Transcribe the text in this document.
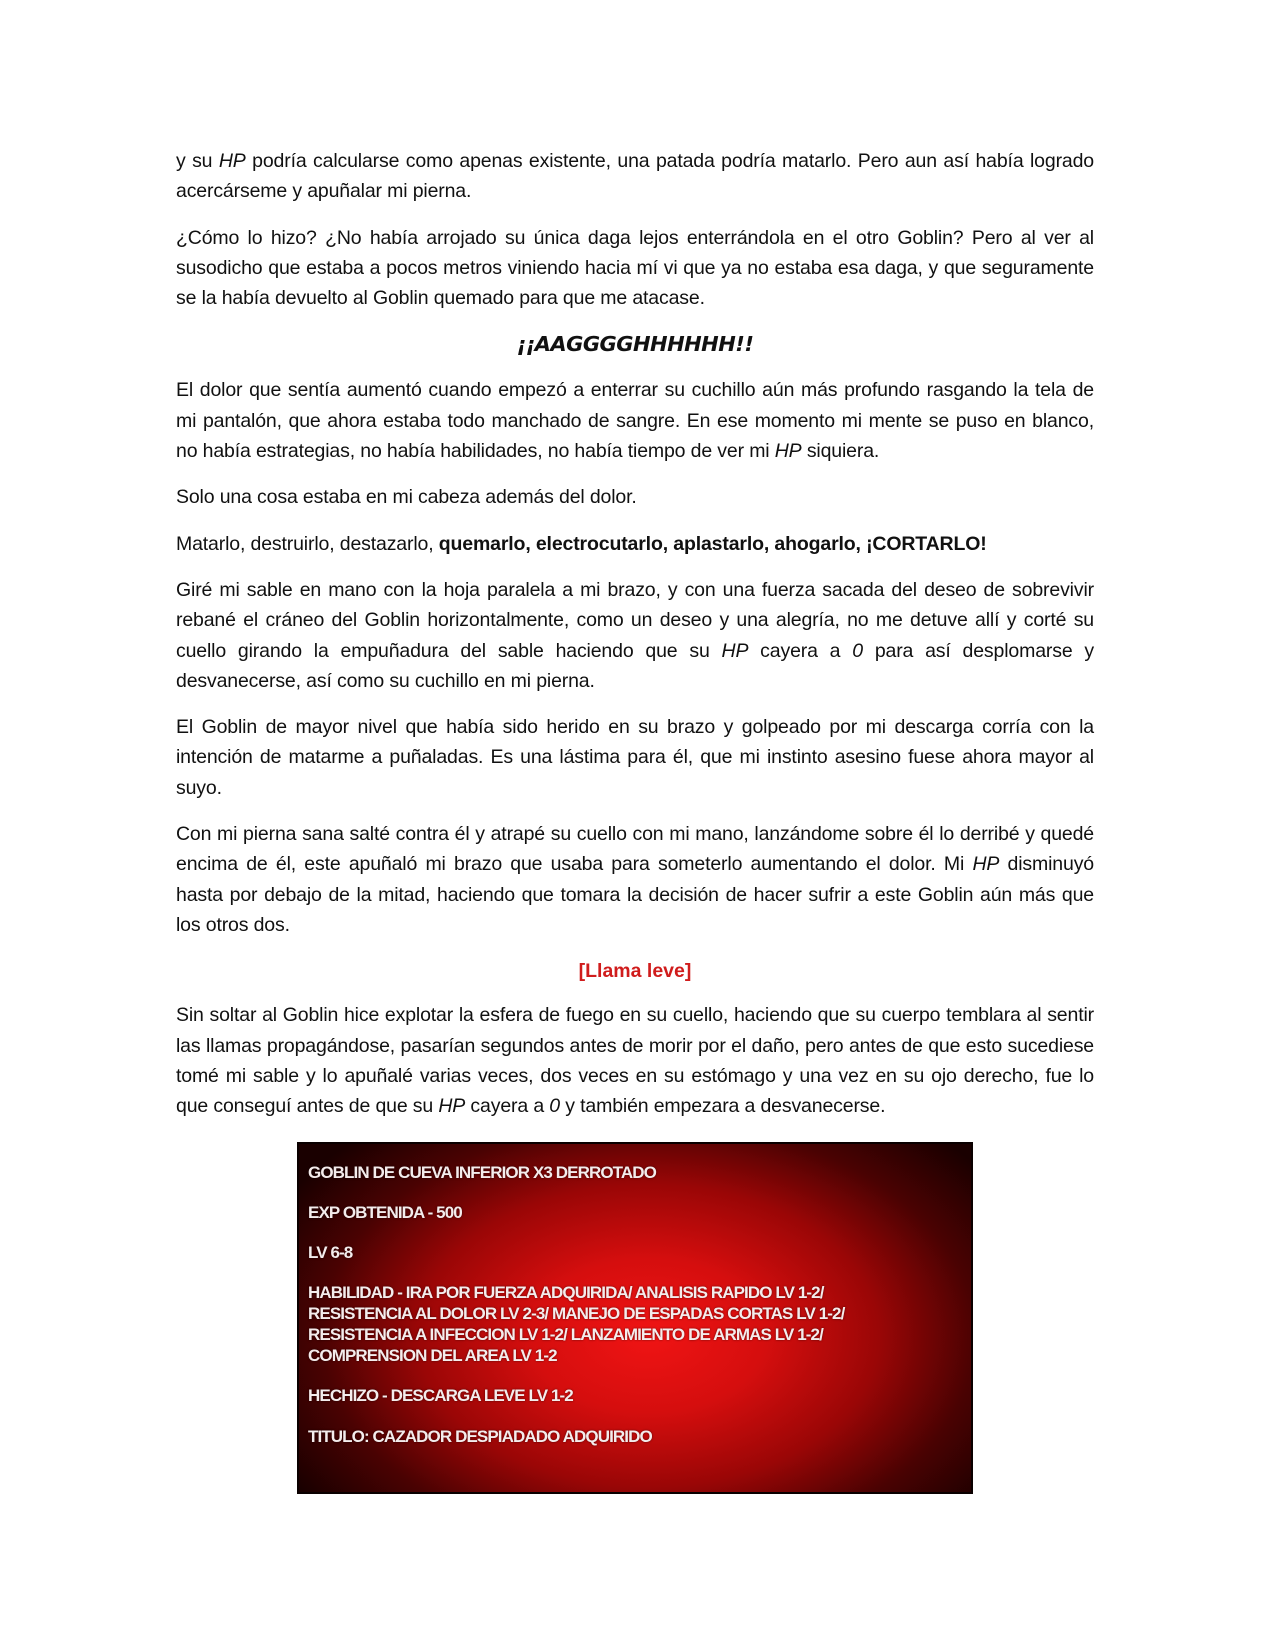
y su HP podría calcularse como apenas existente, una patada podría matarlo. Pero aun así había logrado acercárseme y apuñalar mi pierna.

¿Cómo lo hizo? ¿No había arrojado su única daga lejos enterrándola en el otro Goblin? Pero al ver al susodicho que estaba a pocos metros viniendo hacia mí vi que ya no estaba esa daga, y que seguramente se la había devuelto al Goblin quemado para que me atacase.

¡¡AAGGGGHHHHHH!!

El dolor que sentía aumentó cuando empezó a enterrar su cuchillo aún más profundo rasgando la tela de mi pantalón, que ahora estaba todo manchado de sangre. En ese momento mi mente se puso en blanco, no había estrategias, no había habilidades, no había tiempo de ver mi HP siquiera.

Solo una cosa estaba en mi cabeza además del dolor.

Matarlo, destruirlo, destazarlo, quemarlo, electrocutarlo, aplastarlo, ahogarlo, ¡CORTARLO!

Giré mi sable en mano con la hoja paralela a mi brazo, y con una fuerza sacada del deseo de sobrevivir rebané el cráneo del Goblin horizontalmente, como un deseo y una alegría, no me detuve allí y corté su cuello girando la empuñadura del sable haciendo que su HP cayera a 0 para así desplomarse y desvanecerse, así como su cuchillo en mi pierna.

El Goblin de mayor nivel que había sido herido en su brazo y golpeado por mi descarga corría con la intención de matarme a puñaladas. Es una lástima para él, que mi instinto asesino fuese ahora mayor al suyo.

Con mi pierna sana salté contra él y atrapé su cuello con mi mano, lanzándome sobre él lo derribé y quedé encima de él, este apuñaló mi brazo que usaba para someterlo aumentando el dolor. Mi HP disminuyó hasta por debajo de la mitad, haciendo que tomara la decisión de hacer sufrir a este Goblin aún más que los otros dos.

[Llama leve]

Sin soltar al Goblin hice explotar la esfera de fuego en su cuello, haciendo que su cuerpo temblara al sentir las llamas propagándose, pasarían segundos antes de morir por el daño, pero antes de que esto sucediese tomé mi sable y lo apuñalé varias veces, dos veces en su estómago y una vez en su ojo derecho, fue lo que conseguí antes de que su HP cayera a 0 y también empezara a desvanecerse.

GOBLIN DE CUEVA INFERIOR X3 DERROTADO
EXP OBTENIDA - 500
LV 6-8
HABILIDAD - IRA POR FUERZA ADQUIRIDA/ ANALISIS RAPIDO LV 1-2/
RESISTENCIA AL DOLOR LV 2-3/ MANEJO DE ESPADAS CORTAS LV 1-2/
RESISTENCIA A INFECCION LV 1-2/ LANZAMIENTO DE ARMAS LV 1-2/
COMPRENSION DEL AREA LV 1-2
HECHIZO - DESCARGA LEVE LV 1-2
TITULO: CAZADOR DESPIADADO ADQUIRIDO
